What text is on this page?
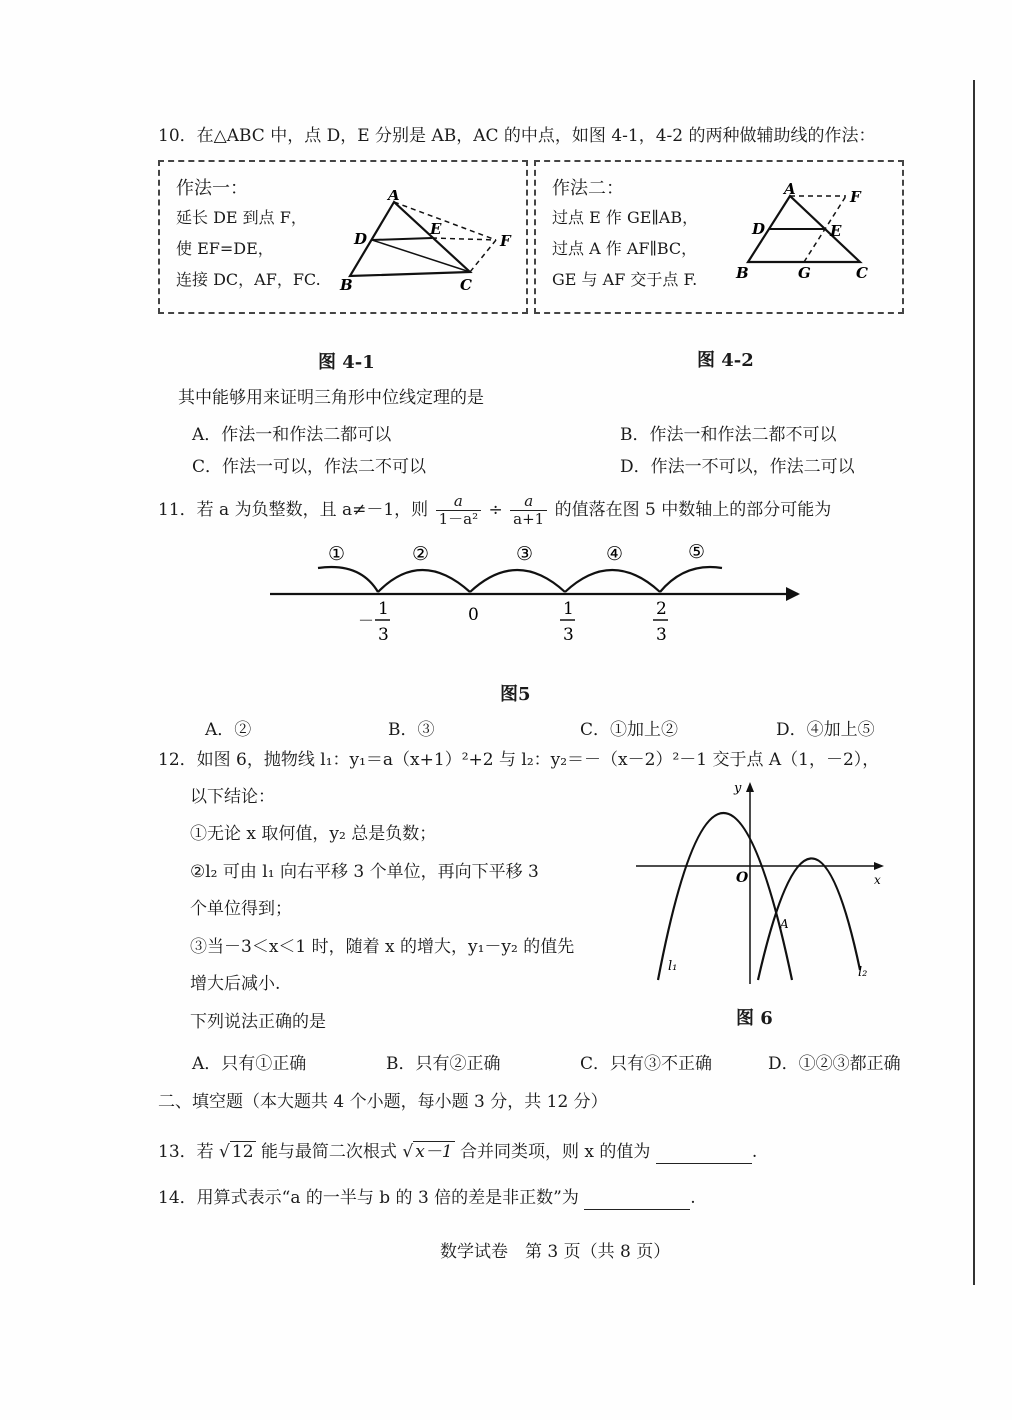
10．在△ABC 中，点 D，E 分别是 AB，AC 的中点，如图 4-1，4-2 的两种做辅助线的作法：
作法一：
延长 DE 到点 F，
使 EF=DE，
连接 DC，AF，FC.
A
D
E
F
B	C
作法二：
过点 E 作 GE∥AB，
过点 A 作 AF∥BC，
GE 与 AF 交于点 F.
A	F
D	E
B	G	C
图 4-1	图 4-2
其中能够用来证明三角形中位线定理的是
A．作法一和作法二都可以	B．作法一和作法二都不可以
C．作法一可以，作法二不可以	D．作法一不可以，作法二可以
11．若 a 为负整数，且 a≠－1，则 $\frac{a}{\text{1－a²}} \div \frac{a}{a+1}$ 的值落在图 5 中数轴上的部分可能为
①	②	③	④	⑤
－
1
3
0	1
3
2
3
图5
A．②	B．③	C．①加上②	D．④加上⑤
12．如图 6，抛物线 l₁：y₁＝a（x+1）²+2 与 l₂：y₂＝－（x－2）²－1 交于点 A（1，－2），
以下结论：
①无论 x 取何值，y₂ 总是负数；
②l₂ 可由 l₁ 向右平移 3 个单位，再向下平移 3
个单位得到；
③当－3＜x＜1 时，随着 x 的增大，y₁－y₂ 的值先
增大后减小.
下列说法正确的是
y
x
O
A
l₁	l₂
图 6
A．只有①正确	B．只有②正确	C．只有③不正确	D．①②③都正确
二、填空题（本大题共 4 个小题，每小题 3 分，共 12 分）
13．若 √ 12 能与最简二次根式 √ x－1 合并同类项，则 x 的值为	.
14．用算式表示“a 的一半与 b 的 3 倍的差是非正数”为	.
数学试卷　第 3 页（共 8 页）
